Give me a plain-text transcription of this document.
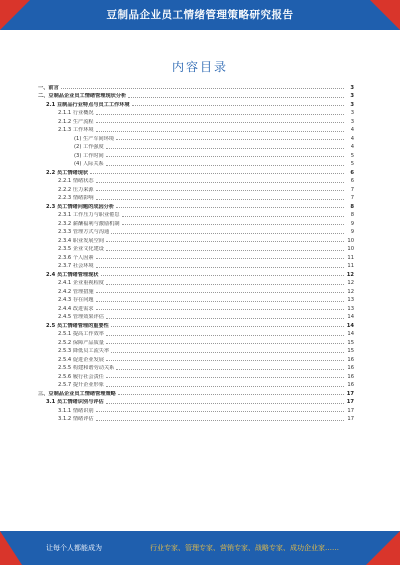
豆制品企业员工情绪管理策略研究报告
内容目录
一、前言	3
二、豆制品企业员工情绪管理现状分析	3
2.1 豆制品行业特点与员工工作环境	3
2.1.1 行业概况	3
2.1.2 生产流程	3
2.1.3 工作环境	4
(1) 生产车间环境	4
(2) 工作强度	4
(3) 工作时间	5
(4) 人际关系	5
2.2 员工情绪现状	6
2.2.1 情绪状态	6
2.2.2 压力来源	7
2.2.3 情绪影响	7
2.3 员工情绪问题的成因分析	8
2.3.1 工作压力与职业倦怠	8
2.3.2 薪酬福利与激励机制	9
2.3.3 管理方式与沟通	9
2.3.4 职业发展空间	10
2.3.5 企业文化建设	10
2.3.6 个人因素	11
2.3.7 社会环境	11
2.4 员工情绪管理现状	12
2.4.1 企业重视程度	12
2.4.2 管理措施	12
2.4.3 存在问题	13
2.4.4 改进需求	13
2.4.5 管理效果评估	14
2.5 员工情绪管理的重要性	14
2.5.1 提高工作效率	14
2.5.2 保障产品质量	15
2.5.3 降低员工流失率	15
2.5.4 促进企业发展	16
2.5.5 构建和谐劳动关系	16
2.5.6 履行社会责任	16
2.5.7 提升企业形象	16
三、豆制品企业员工情绪管理策略	17
3.1 员工情绪识别与评估	17
3.1.1 情绪识别	17
3.1.2 情绪评估	17
让每个人都能成为	行业专家、管理专家、营销专家、战略专家、成功企业家……
